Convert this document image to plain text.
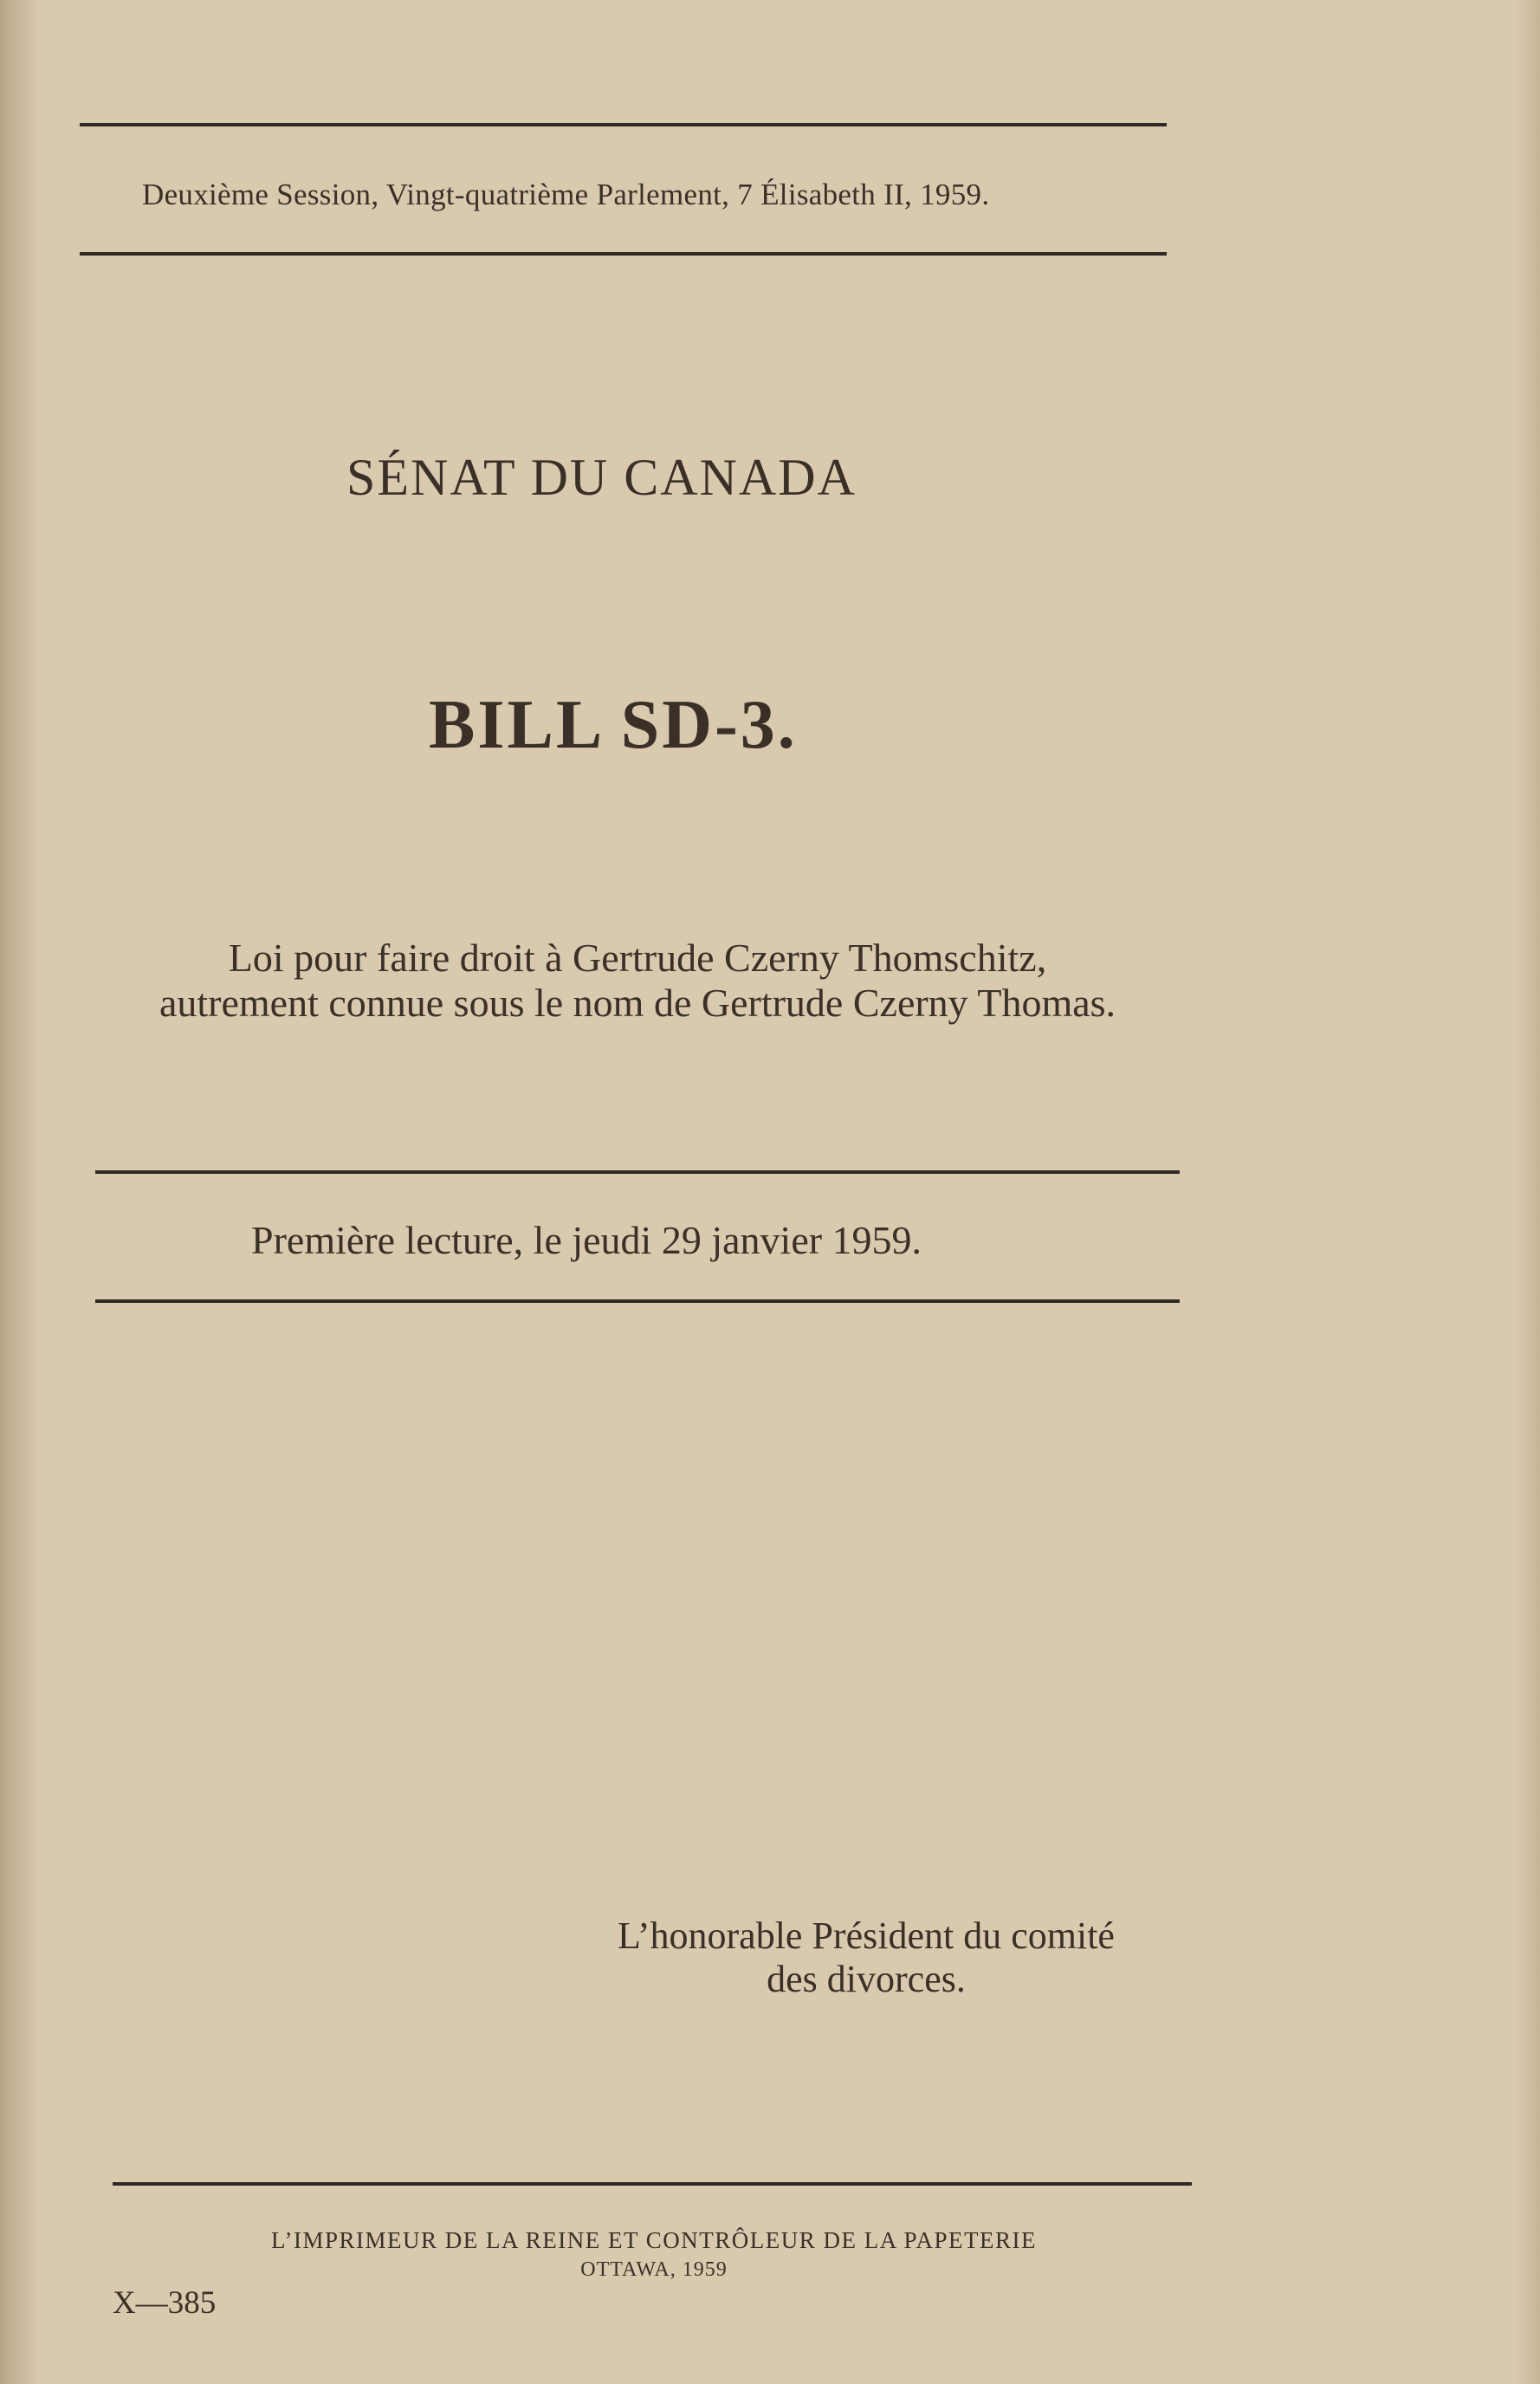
Deuxième Session, Vingt-quatrième Parlement, 7 Élisabeth II, 1959.
SÉNAT DU CANADA
BILL SD-3.
Loi pour faire droit à Gertrude Czerny Thomschitz,
autrement connue sous le nom de Gertrude Czerny Thomas.
Première lecture, le jeudi 29 janvier 1959.
L’honorable Président du comité
des divorces.
L’IMPRIMEUR DE LA REINE ET CONTRÔLEUR DE LA PAPETERIE
OTTAWA, 1959
X—385
